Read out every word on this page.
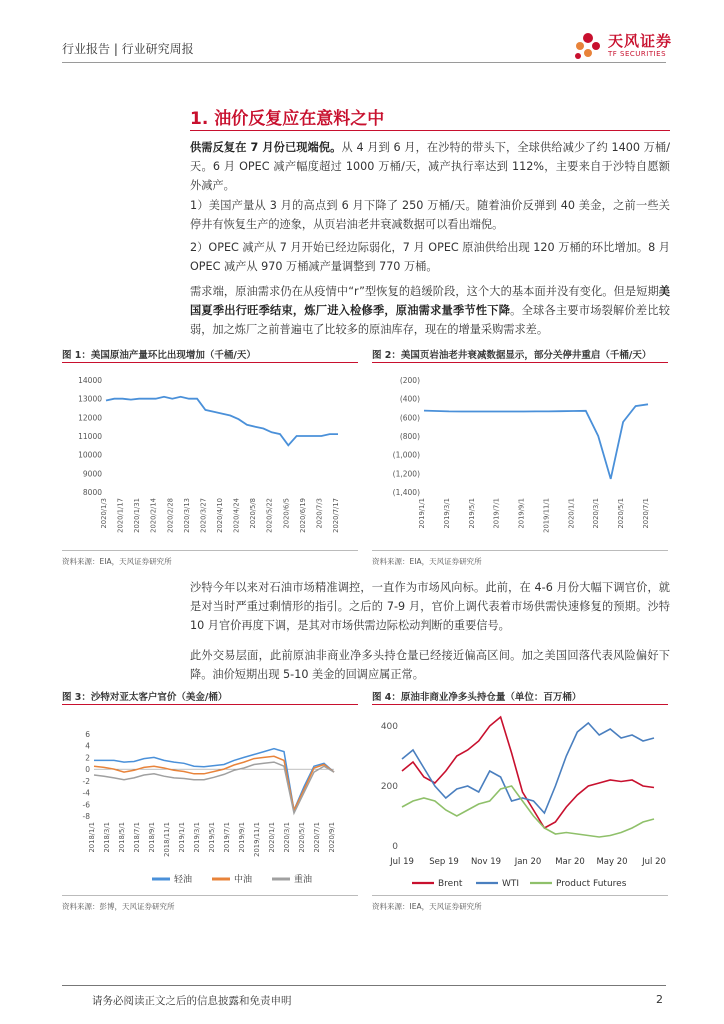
行业报告 | 行业研究周报	天风证券
TF SECURITIES
1. 油价反复应在意料之中
供需反复在 7 月份已现端倪。从 4 月到 6 月，在沙特的带头下，全球供给减少了约 1400 万桶/天。6 月 OPEC 减产幅度超过 1000 万桶/天，减产执行率达到 112%，主要来自于沙特自愿额外减产。
1）美国产量从 3 月的高点到 6 月下降了 250 万桶/天。随着油价反弹到 40 美金，之前一些关停井有恢复生产的迹象，从页岩油老井衰减数据可以看出端倪。
2）OPEC 减产从 7 月开始已经边际弱化，7 月 OPEC 原油供给出现 120 万桶的环比增加。8 月 OPEC 减产从 970 万桶减产量调整到 770 万桶。
需求端，原油需求仍在从疫情中“r”型恢复的趋缓阶段，这个大的基本面并没有变化。但是短期美国夏季出行旺季结束，炼厂进入检修季，原油需求量季节性下降。全球各主要市场裂解价差比较弱，加之炼厂之前普遍屯了比较多的原油库存，现在的增量采购需求差。
图 1：美国原油产量环比出现增加（千桶/天）
14000
13000
12000
11000
10000
9000
8000
2020/1/3 2020/1/17 2020/1/31 2020/2/14 2020/2/28 2020/3/13 2020/3/27 2020/4/10 2020/4/24 2020/5/8 2020/5/22 2020/6/5 2020/6/19 2020/7/3 2020/7/17
资料来源：EIA，天风证券研究所
图 2：美国页岩油老井衰减数据显示，部分关停井重启（千桶/天）
(200)
(400)
(600)
(800)
(1,000)
(1,200)
(1,400)
2019/1/1 2019/3/1 2019/5/1 2019/7/1 2019/9/1 2019/11/1 2020/1/1 2020/3/1 2020/5/1 2020/7/1
资料来源：EIA，天风证券研究所
沙特今年以来对石油市场精准调控，一直作为市场风向标。此前，在 4-6 月份大幅下调官价，就是对当时严重过剩情形的指引。之后的 7-9 月，官价上调代表着市场供需快速修复的预期。沙特 10 月官价再度下调，是其对市场供需边际松动判断的重要信号。
此外交易层面，此前原油非商业净多头持仓量已经接近偏高区间。加之美国回落代表风险偏好下降。油价短期出现 5-10 美金的回调应属正常。
图 3：沙特对亚太客户官价（美金/桶）
6
4
2
0
-2
-4
-6
-8
2018/1/1 2018/3/1 2018/5/1 2018/7/1 2018/9/1 2018/11/1 2019/1/1 2019/3/1 2019/5/1 2019/7/1 2019/9/1 2019/11/1 2020/1/1 2020/3/1 2020/5/1 2020/7/1 2020/9/1
轻油	中油	重油
资料来源：彭博，天风证券研究所
图 4：原油非商业净多头持仓量（单位：百万桶）
400
200
0
Jul 19 Sep 19 Nov 19 Jan 20 Mar 20 May 20 Jul 20
Brent	WTI	Product Futures
资料来源：IEA，天风证券研究所
请务必阅读正文之后的信息披露和免责申明	2
